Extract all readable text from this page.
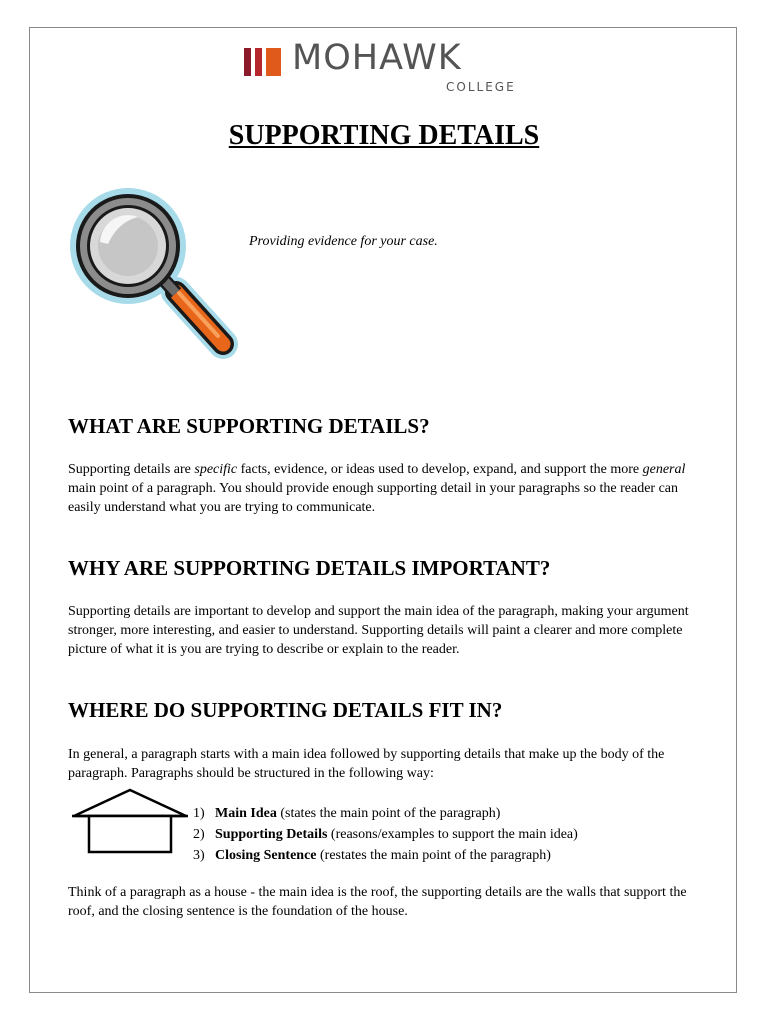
MOHAWK
COLLEGE
SUPPORTING DETAILS
Providing evidence for your case.
WHAT ARE SUPPORTING DETAILS?

Supporting details are specific facts, evidence, or ideas used to develop, expand, and support the more general main point of a paragraph. You should provide enough supporting detail in your paragraphs so the reader can easily understand what you are trying to communicate.

WHY ARE SUPPORTING DETAILS IMPORTANT?

Supporting details are important to develop and support the main idea of the paragraph, making your argument stronger, more interesting, and easier to understand. Supporting details will paint a clearer and more complete picture of what it is you are trying to describe or explain to the reader.

WHERE DO SUPPORTING DETAILS FIT IN?

In general, a paragraph starts with a main idea followed by supporting details that make up the body of the paragraph. Paragraphs should be structured in the following way:

1) Main Idea (states the main point of the paragraph)
2) Supporting Details (reasons/examples to support the main idea)
3) Closing Sentence (restates the main point of the paragraph)

Think of a paragraph as a house - the main idea is the roof, the supporting details are the walls that support the roof, and the closing sentence is the foundation of the house.
